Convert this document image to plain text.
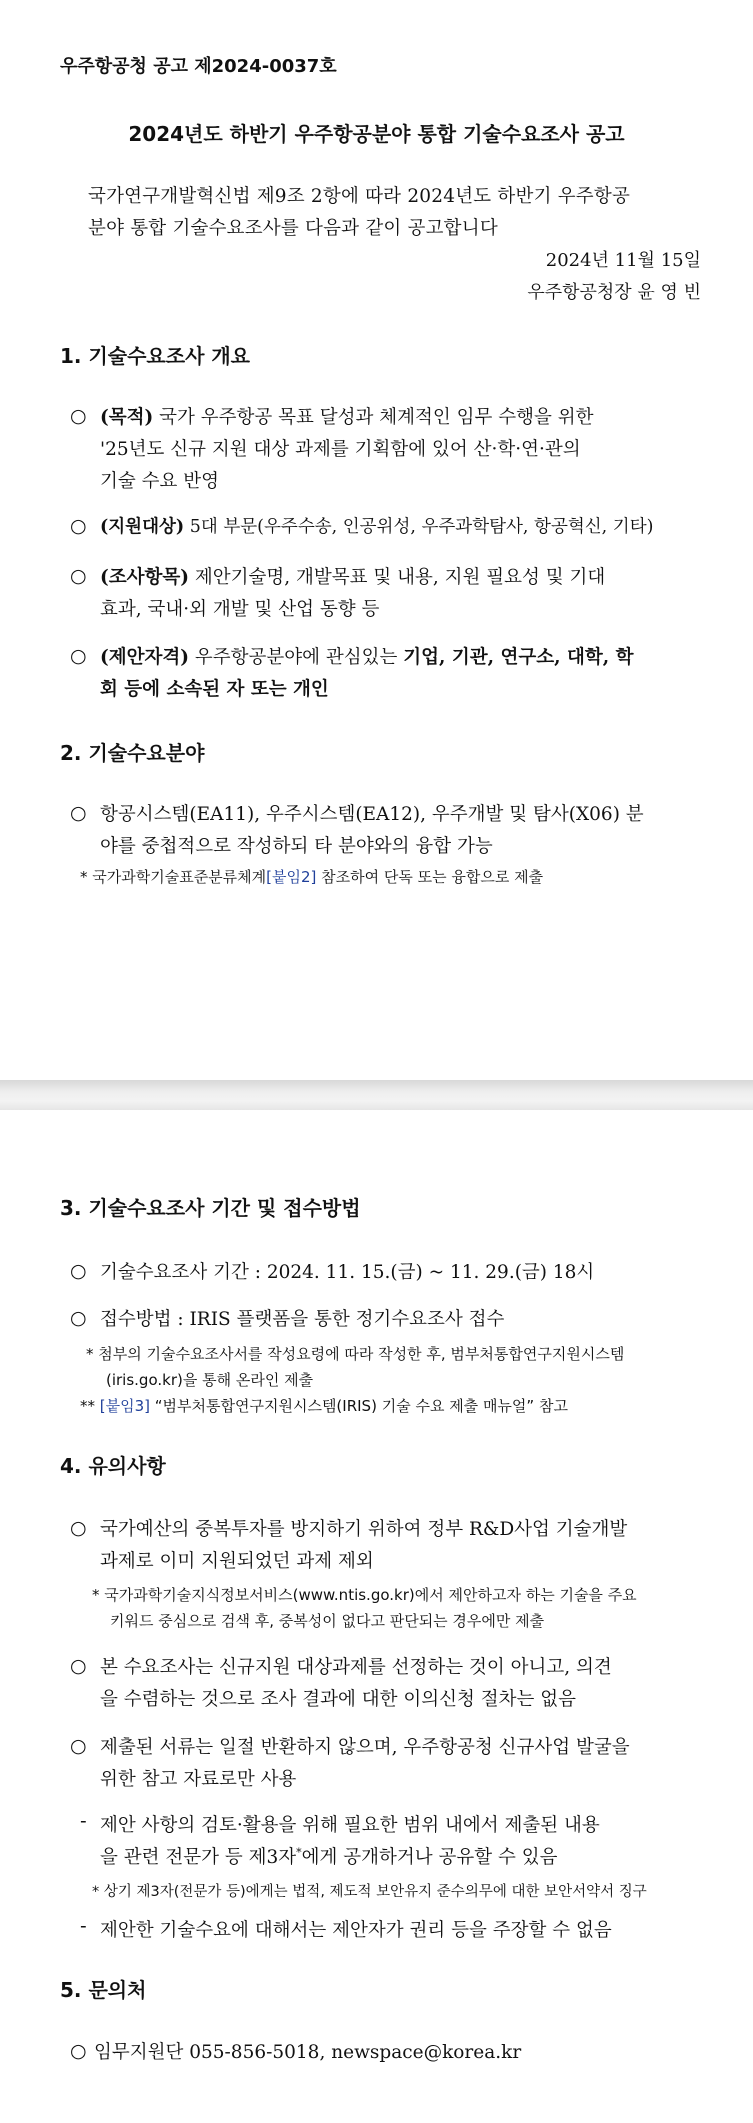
우주항공청 공고 제2024-0037호
2024년도 하반기 우주항공분야 통합 기술수요조사 공고
국가연구개발혁신법 제9조 2항에 따라 2024년도 하반기 우주항공
분야 통합 기술수요조사를 다음과 같이 공고합니다
2024년 11월 15일
우주항공청장 윤 영 빈
1. 기술수요조사 개요
○ (목적) 국가 우주항공 목표 달성과 체계적인 임무 수행을 위한
'25년도 신규 지원 대상 과제를 기획함에 있어 산·학·연·관의
기술 수요 반영
○ (지원대상) 5대 부문(우주수송, 인공위성, 우주과학탐사, 항공혁신, 기타)
○ (조사항목) 제안기술명, 개발목표 및 내용, 지원 필요성 및 기대
효과, 국내·외 개발 및 산업 동향 등
○ (제안자격) 우주항공분야에 관심있는 기업, 기관, 연구소, 대학, 학
회 등에 소속된 자 또는 개인
2. 기술수요분야
○ 항공시스템(EA11), 우주시스템(EA12), 우주개발 및 탐사(X06) 분
야를 중첩적으로 작성하되 타 분야와의 융합 가능
* 국가과학기술표준분류체계[붙임2] 참조하여 단독 또는 융합으로 제출
3. 기술수요조사 기간 및 접수방법
○ 기술수요조사 기간 : 2024. 11. 15.(금) ~ 11. 29.(금) 18시
○ 접수방법 : IRIS 플랫폼을 통한 정기수요조사 접수
* 첨부의 기술수요조사서를 작성요령에 따라 작성한 후, 범부처통합연구지원시스템
(iris.go.kr)을 통해 온라인 제출
** [붙임3] “범부처통합연구지원시스템(IRIS) 기술 수요 제출 매뉴얼” 참고
4. 유의사항
○ 국가예산의 중복투자를 방지하기 위하여 정부 R&D사업 기술개발
과제로 이미 지원되었던 과제 제외
* 국가과학기술지식정보서비스(www.ntis.go.kr)에서 제안하고자 하는 기술을 주요
키워드 중심으로 검색 후, 중복성이 없다고 판단되는 경우에만 제출
○ 본 수요조사는 신규지원 대상과제를 선정하는 것이 아니고, 의견
을 수렴하는 것으로 조사 결과에 대한 이의신청 절차는 없음
○ 제출된 서류는 일절 반환하지 않으며, 우주항공청 신규사업 발굴을
위한 참고 자료로만 사용
- 제안 사항의 검토·활용을 위해 필요한 범위 내에서 제출된 내용
을 관련 전문가 등 제3자*에게 공개하거나 공유할 수 있음
* 상기 제3자(전문가 등)에게는 법적, 제도적 보안유지 준수의무에 대한 보안서약서 징구
- 제안한 기술수요에 대해서는 제안자가 권리 등을 주장할 수 없음
5. 문의처
○ 임무지원단 055-856-5018, newspace@korea.kr
